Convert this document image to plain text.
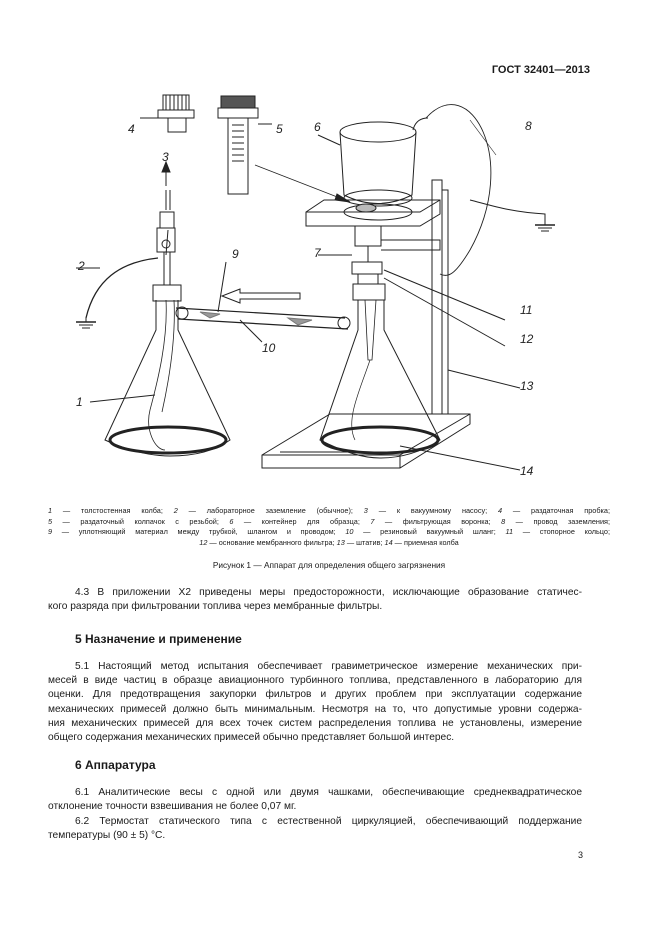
ГОСТ 32401—2013
4	5
3
6	8
2
9	7
11
12
10
13
1
14
1 — толстостенная колба; 2 — лабораторное заземление (обычное); 3 — к вакуумному насосу; 4 — раздаточная пробка;
5 — раздаточный колпачок с резьбой; 6 — контейнер для образца; 7 — фильтрующая воронка; 8 — провод заземления;
9 — уплотняющий материал между трубкой, шлангом и проводом; 10 — резиновый вакуумный шланг; 11 — стопорное кольцо;
12 — основание мембранного фильтра; 13 — штатив; 14 — приемная колба
Рисунок 1 — Аппарат для определения общего загрязнения
4.3 В приложении Х2 приведены меры предосторожности, исключающие образование статичес-
кого разряда при фильтровании топлива через мембранные фильтры.
5 Назначение и применение
5.1 Настоящий метод испытания обеспечивает гравиметрическое измерение механических при-
месей в виде частиц в образце авиационного турбинного топлива, представленного в лабораторию для
оценки. Для предотвращения закупорки фильтров и других проблем при эксплуатации содержание
механических примесей должно быть минимальным. Несмотря на то, что допустимые уровни содержа-
ния механических примесей для всех точек систем распределения топлива не установлены, измерение
общего содержания механических примесей обычно представляет большой интерес.
6 Аппаратура
6.1 Аналитические весы с одной или двумя чашками, обеспечивающие среднеквадратическое
отклонение точности взвешивания не более 0,07 мг.
6.2 Термостат статического типа с естественной циркуляцией, обеспечивающий поддержание
температуры (90 ± 5) °С.
3
